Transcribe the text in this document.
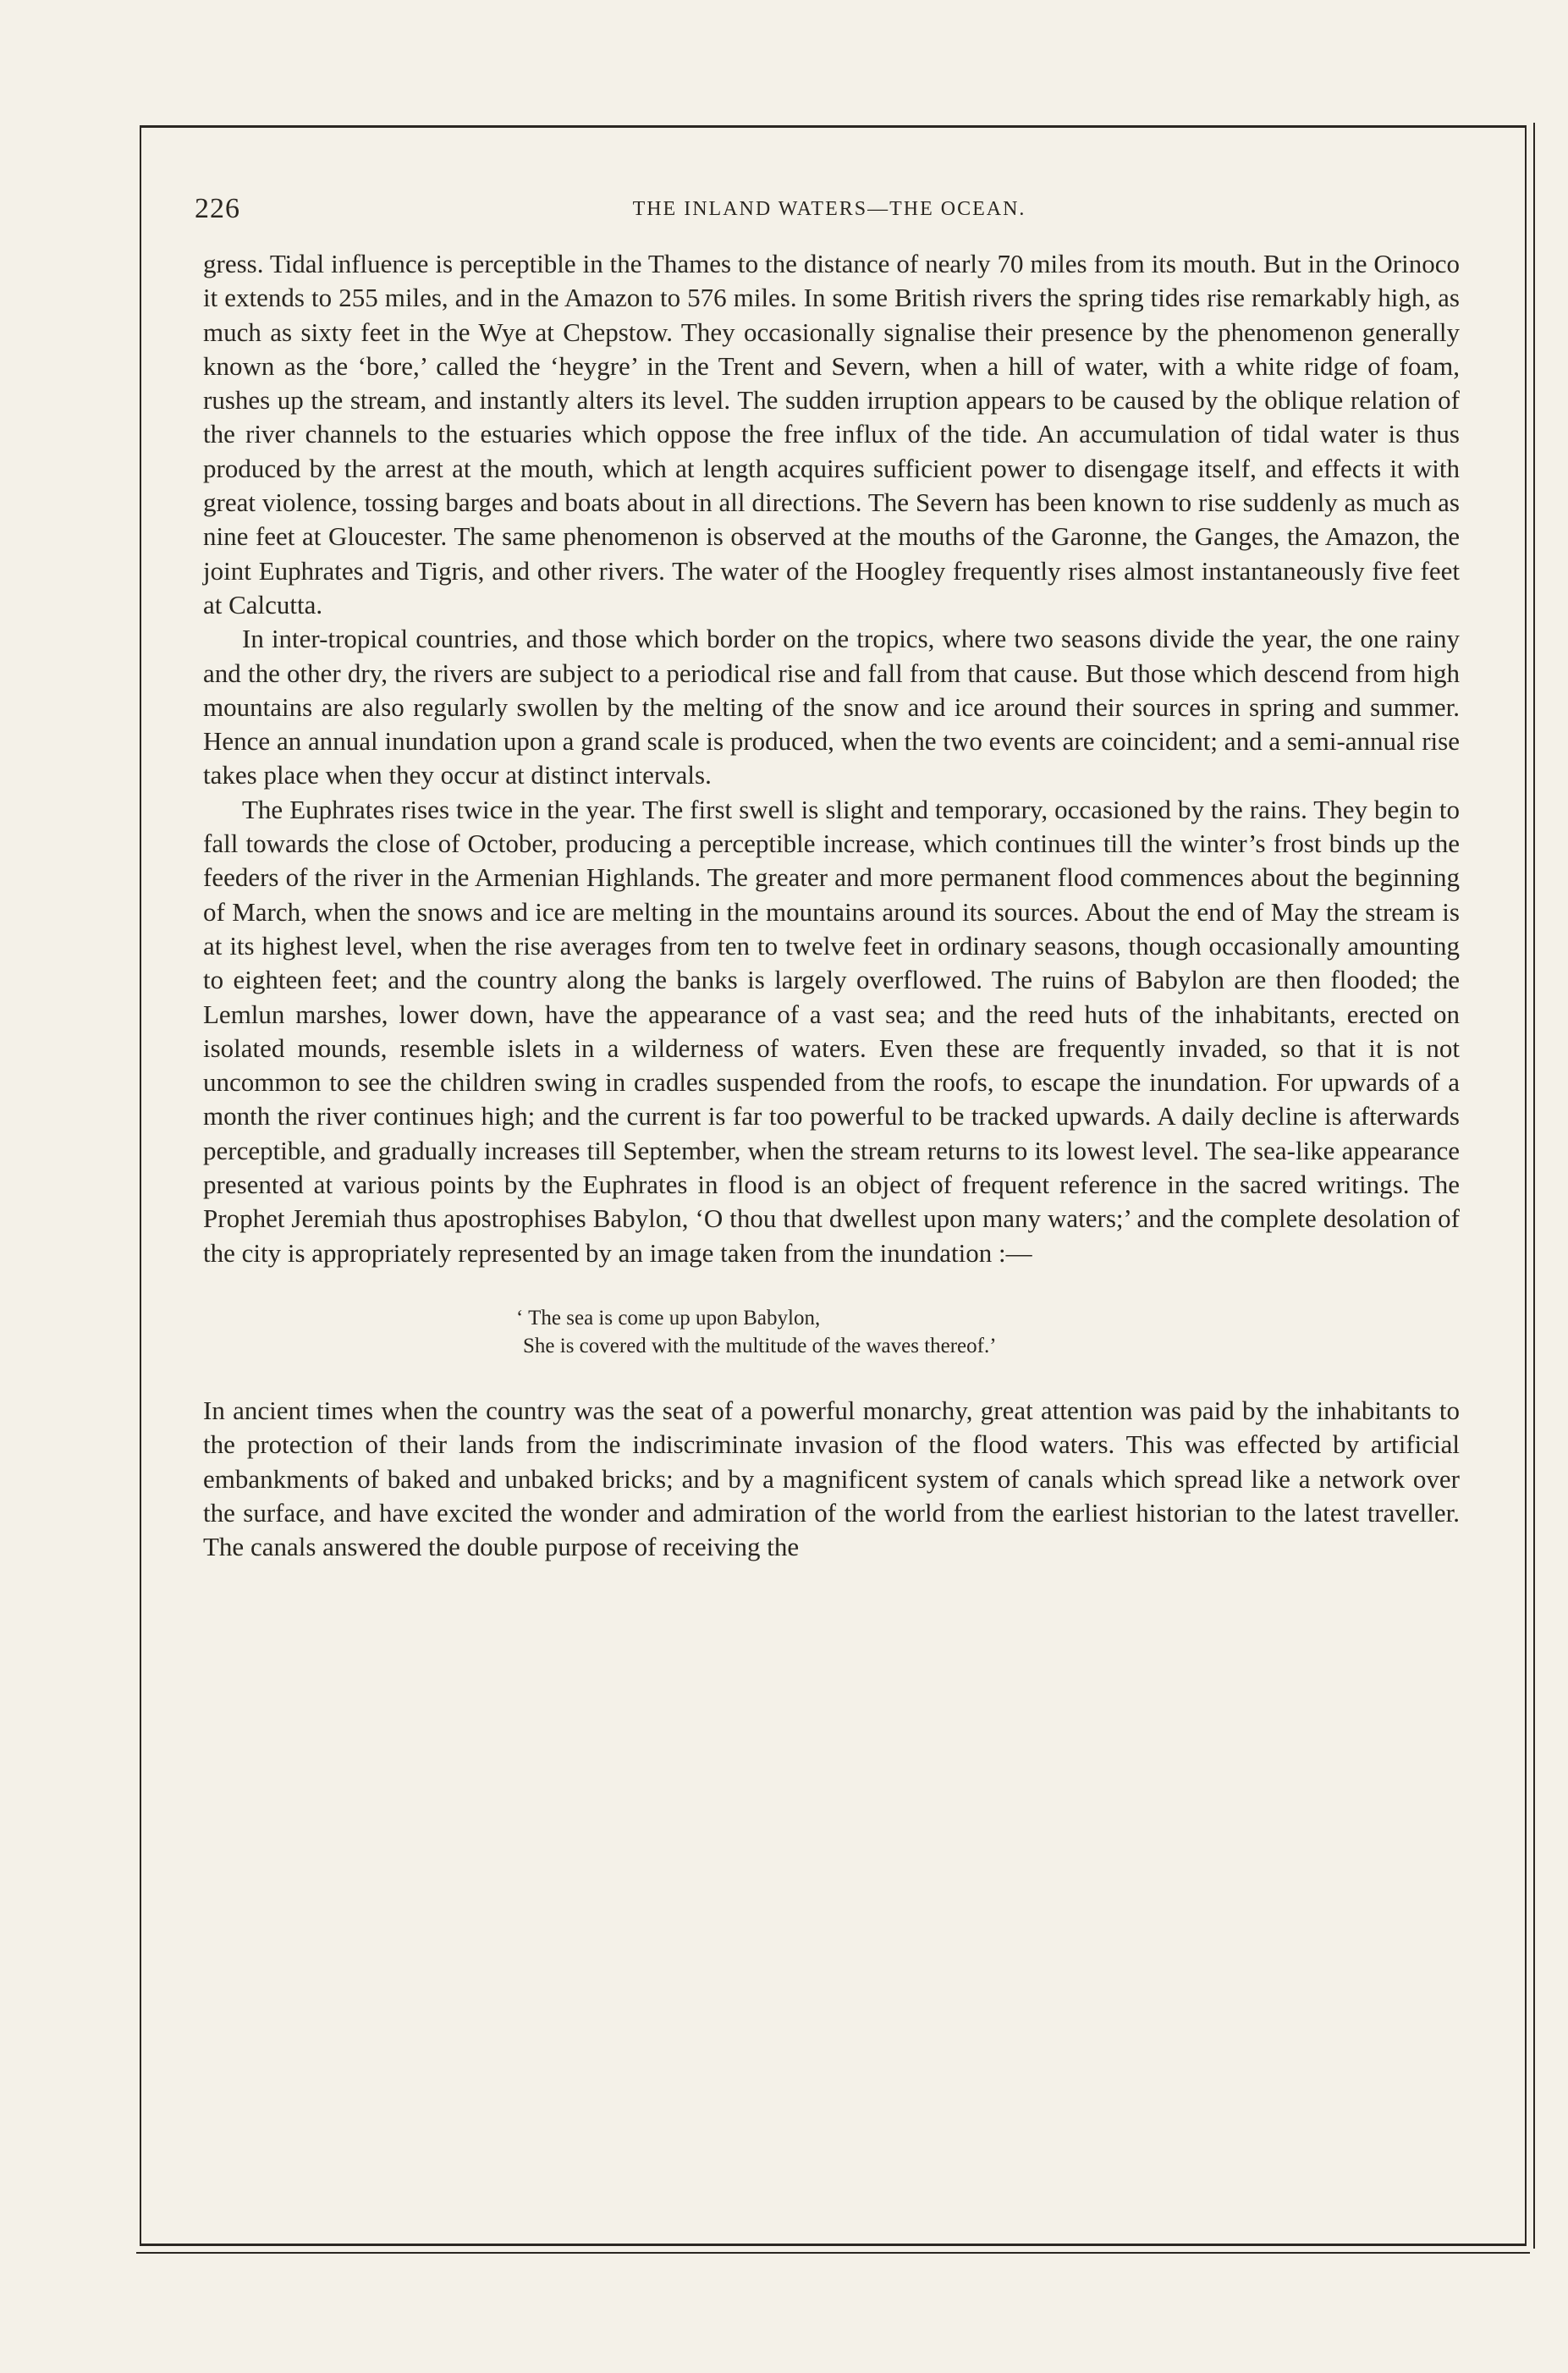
226	THE INLAND WATERS—THE OCEAN.

gress. Tidal influence is perceptible in the Thames to the distance of nearly 70 miles from its mouth. But in the Orinoco it extends to 255 miles, and in the Amazon to 576 miles. In some British rivers the spring tides rise remarkably high, as much as sixty feet in the Wye at Chepstow. They occasionally signalise their presence by the phenomenon generally known as the ‘bore,’ called the ‘heygre’ in the Trent and Severn, when a hill of water, with a white ridge of foam, rushes up the stream, and instantly alters its level. The sudden irruption appears to be caused by the oblique relation of the river channels to the estuaries which oppose the free influx of the tide. An accumulation of tidal water is thus produced by the arrest at the mouth, which at length acquires sufficient power to disengage itself, and effects it with great violence, tossing barges and boats about in all directions. The Severn has been known to rise suddenly as much as nine feet at Gloucester. The same phenomenon is observed at the mouths of the Garonne, the Ganges, the Amazon, the joint Euphrates and Tigris, and other rivers. The water of the Hoogley frequently rises almost instantaneously five feet at Calcutta.

In inter-tropical countries, and those which border on the tropics, where two seasons divide the year, the one rainy and the other dry, the rivers are subject to a periodical rise and fall from that cause. But those which descend from high mountains are also regularly swollen by the melting of the snow and ice around their sources in spring and summer. Hence an annual inundation upon a grand scale is produced, when the two events are coincident; and a semi-annual rise takes place when they occur at distinct intervals.

The Euphrates rises twice in the year. The first swell is slight and temporary, occasioned by the rains. They begin to fall towards the close of October, producing a perceptible increase, which continues till the winter’s frost binds up the feeders of the river in the Armenian Highlands. The greater and more permanent flood commences about the beginning of March, when the snows and ice are melting in the mountains around its sources. About the end of May the stream is at its highest level, when the rise averages from ten to twelve feet in ordinary seasons, though occasionally amounting to eighteen feet; and the country along the banks is largely overflowed. The ruins of Babylon are then flooded; the Lemlun marshes, lower down, have the appearance of a vast sea; and the reed huts of the inhabitants, erected on isolated mounds, resemble islets in a wilderness of waters. Even these are frequently invaded, so that it is not uncommon to see the children swing in cradles suspended from the roofs, to escape the inundation. For upwards of a month the river continues high; and the current is far too powerful to be tracked upwards. A daily decline is afterwards perceptible, and gradually increases till September, when the stream returns to its lowest level. The sea-like appearance presented at various points by the Euphrates in flood is an object of frequent reference in the sacred writings. The Prophet Jeremiah thus apostrophises Babylon, ‘O thou that dwellest upon many waters;’ and the complete desolation of the city is appropriately represented by an image taken from the inundation :—

‘ The sea is come up upon Babylon,
She is covered with the multitude of the waves thereof.’

In ancient times when the country was the seat of a powerful monarchy, great attention was paid by the inhabitants to the protection of their lands from the indiscriminate invasion of the flood waters. This was effected by artificial embankments of baked and unbaked bricks; and by a magnificent system of canals which spread like a network over the surface, and have excited the wonder and admiration of the world from the earliest historian to the latest traveller. The canals answered the double purpose of receiving the
